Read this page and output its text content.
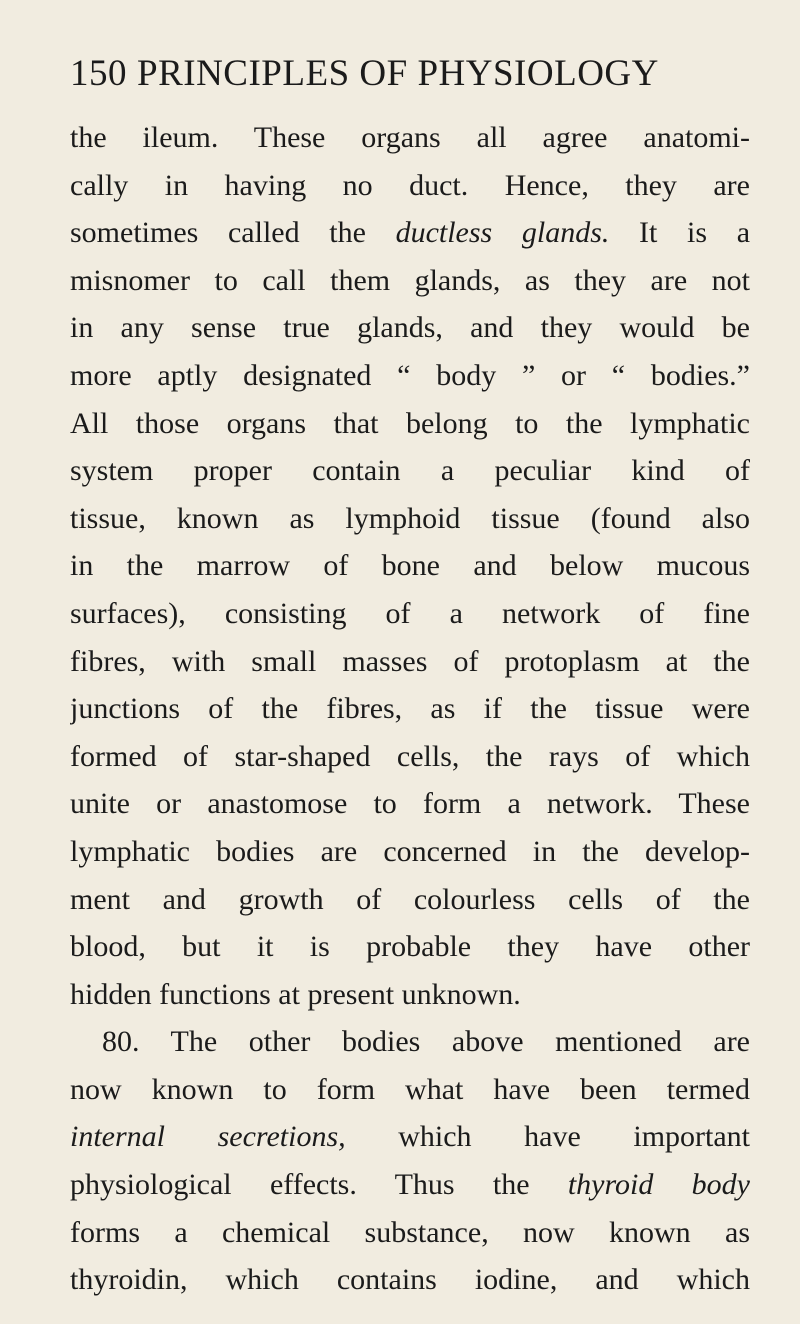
150 PRINCIPLES OF PHYSIOLOGY
the ileum. These organs all agree anatomi-
cally in having no duct. Hence, they are
sometimes called the ductless glands. It is a
misnomer to call them glands, as they are not
in any sense true glands, and they would be
more aptly designated “ body ” or “ bodies.”
All those organs that belong to the lymphatic
system proper contain a peculiar kind of
tissue, known as lymphoid tissue (found also
in the marrow of bone and below mucous
surfaces), consisting of a network of fine
fibres, with small masses of protoplasm at the
junctions of the fibres, as if the tissue were
formed of star-shaped cells, the rays of which
unite or anastomose to form a network. These
lymphatic bodies are concerned in the develop-
ment and growth of colourless cells of the
blood, but it is probable they have other
hidden functions at present unknown.
80. The other bodies above mentioned are
now known to form what have been termed
internal secretions, which have important
physiological effects. Thus the thyroid body
forms a chemical substance, now known as
thyroidin, which contains iodine, and which
